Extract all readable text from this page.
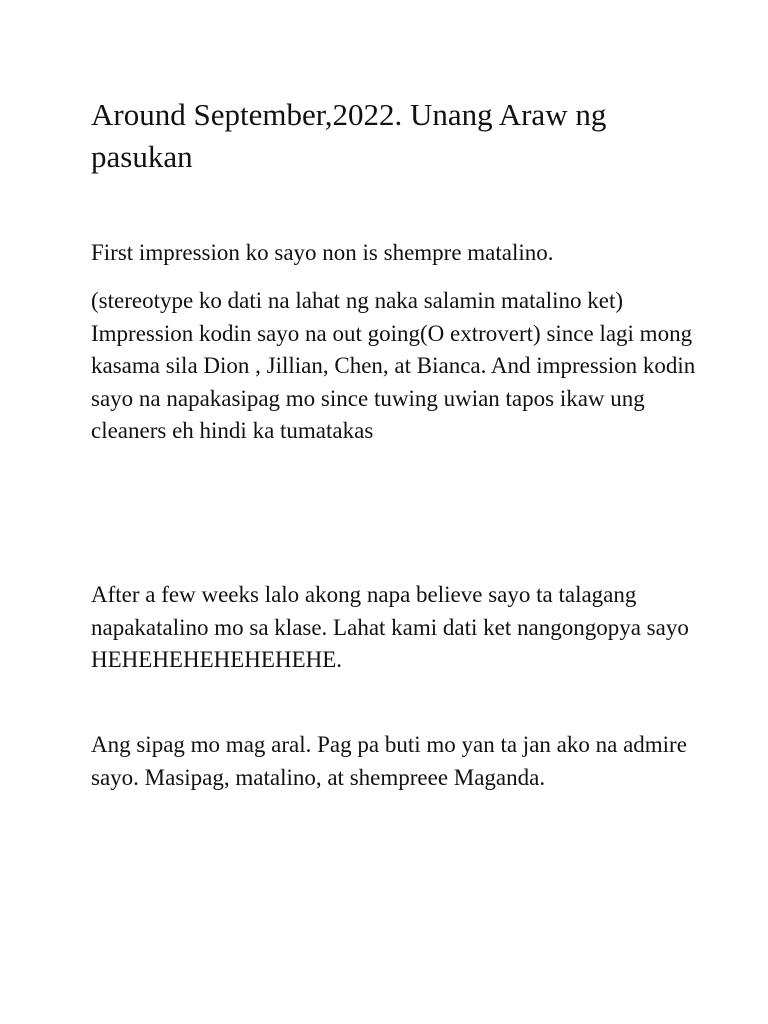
Around September,2022. Unang Araw ng pasukan

First impression ko sayo non is shempre matalino.

(stereotype ko dati na lahat ng naka salamin matalino ket) Impression kodin sayo na out going(O extrovert) since lagi mong kasama sila Dion , Jillian, Chen, at Bianca. And impression kodin sayo na napakasipag mo since tuwing uwian tapos ikaw ung cleaners eh hindi ka tumatakas

After a few weeks lalo akong napa believe sayo ta talagang napakatalino mo sa klase. Lahat kami dati ket nangongopya sayo HEHEHEHEHEHEHEHE.

Ang sipag mo mag aral. Pag pa buti mo yan ta jan ako na admire sayo. Masipag, matalino, at shempreee Maganda.
